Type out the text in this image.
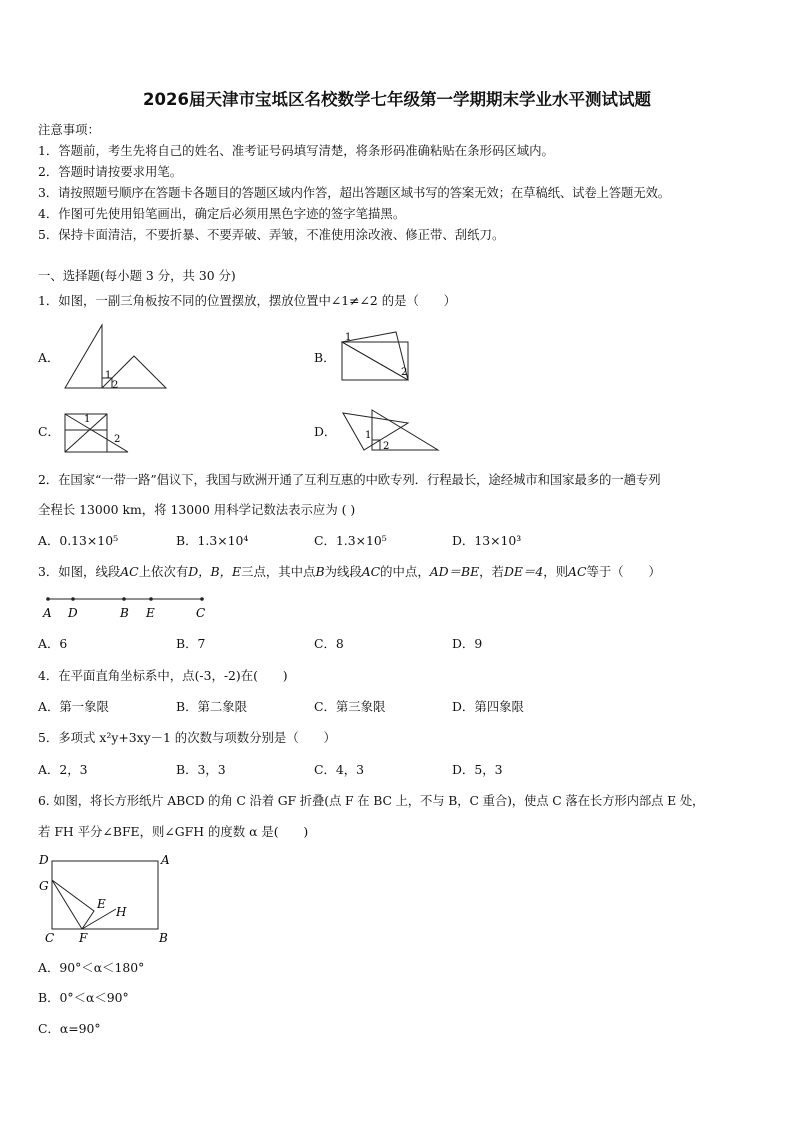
2026届天津市宝坻区名校数学七年级第一学期期末学业水平测试试题
注意事项：
1．答题前，考生先将自己的姓名、准考证号码填写清楚，将条形码准确粘贴在条形码区域内。
2．答题时请按要求用笔。
3．请按照题号顺序在答题卡各题目的答题区域内作答，超出答题区域书写的答案无效；在草稿纸、试卷上答题无效。
4．作图可先使用铅笔画出，确定后必须用黑色字迹的签字笔描黑。
5．保持卡面清洁，不要折暴、不要弄破、弄皱，不准使用涂改液、修正带、刮纸刀。
一、选择题(每小题 3 分，共 30 分)
1．如图，一副三角板按不同的位置摆放，摆放位置中∠1≠∠2 的是（　　）
A．
1
2
B．
1
2
C．
1
2
D．	1
2
2．在国家“一带一路”倡议下，我国与欧洲开通了互利互惠的中欧专列．行程最长，途经城市和国家最多的一趟专列
全程长 13000 km，将 13000 用科学记数法表示应为 ( )
A．0.13×10⁵	B．1.3×10⁴	C．1.3×10⁵	D．13×10³
3．如图，线段AC上依次有D，B，E三点，其中点B为线段AC的中点，AD＝BE，若DE＝4，则AC等于（　　）
A D	B E	C
A．6	B．7	C．8	D．9
4．在平面直角坐标系中，点(-3，-2)在(　　)
A．第一象限	B．第二象限	C．第三象限	D．第四象限
5．多项式 x²y+3xy－1 的次数与项数分别是（　　）
A．2，3	B．3，3	C．4，3	D．5，3
6. 如图，将长方形纸片 ABCD 的角 C 沿着 GF 折叠(点 F 在 BC 上，不与 B，C 重合)，使点 C 落在长方形内部点 E 处，
若 FH 平分∠BFE，则∠GFH 的度数 α 是(　　)
D	A
G
E
H
C F	B
A．90°＜α＜180°
B．0°＜α＜90°
C．α=90°
